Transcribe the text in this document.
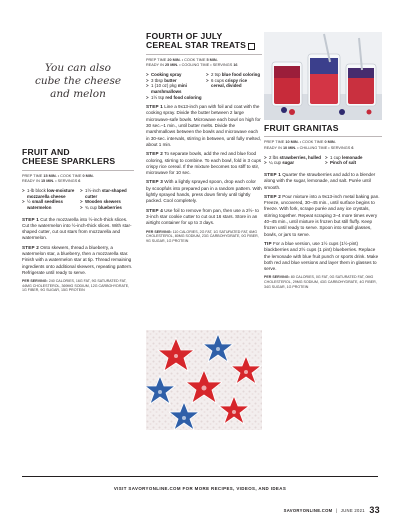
You can also
cube the cheese
and melon
FRUIT AND
CHEESE SPARKLERS

PREP TIME 15 MIN. • COOK TIME 0 MIN.
READY IN 15 MIN. • SERVINGS 6

> 1-lb block low-moisture mozzarella cheese
> ½ small seedless watermelon
> 1½-inch star-shaped cutter
> Wooden skewers
> ¾ cup blueberries

STEP 1 Cut the mozzarella into ½-inch-thick slices. Cut the watermelon into ½-inch-thick slices. With star-shaped cutter, cut out stars from mozzarella and watermelon.

STEP 2 Onto skewers, thread a blueberry, a watermelon star, a blueberry, then a mozzarella star. Finish with a watermelon star at tip. Thread remaining ingredients onto additional skewers, repeating pattern. Refrigerate until ready to serve.

PER SERVING: 240 CALORIES, 16G FAT, 9G SATURATED FAT, 44MG CHOLESTEROL, 369MG SODIUM, 12G CARBOHYDRATE, 1G FIBER, 9G SUGAR, 15G PROTEIN

FOURTH OF JULY
CEREAL STAR TREATS

PREP TIME 20 MIN. • COOK TIME 5 MIN.
READY IN 25 MIN. • COOLING TIME • SERVINGS 16

> Cooking spray
> 3 tbsp butter
> 1 (10 oz) pkg mini marshmallows
> 1½ tsp red food coloring
> 2 tsp blue food coloring
> 6 cups crispy rice cereal, divided

STEP 1 Line a 9x13-inch pan with foil and coat with the cooking spray. Divide the butter between 2 large microwave-safe bowls. Microwave each bowl on high for 30 sec.–1 min., until butter melts. Divide the marshmallows between the bowls and microwave each in 30-sec. intervals, stirring in between, until fully melted, about 1 min.

STEP 2 To separate bowls, add the red and blue food coloring, stirring to combine. To each bowl, fold in 3 cups crispy rice cereal. If the mixture becomes too stiff to stir, microwave for 10 sec.

STEP 3 With a lightly sprayed spoon, drop each color by scoopfuls into prepared pan in a random pattern. With lightly sprayed hands, press down firmly until tightly packed. Cool completely.

STEP 4 Use foil to remove from pan, then use a 2½- to 3-inch star cookie cutter to cut out 16 stars. Store in an airtight container for up to 3 days.

PER SERVING: 110 CALORIES, 2G FAT, 1G SATURATED FAT, 6MG CHOLESTEROL, 80MG SODIUM, 23G CARBOHYDRATE, 0G FIBER, 9G SUGAR, 1G PROTEIN

FRUIT GRANITAS

PREP TIME 10 MIN. • COOK TIME 0 MIN.
READY IN 10 MIN. • CHILLING TIME • SERVINGS 6

> 2 lbs strawberries, hulled
> ¼ cup sugar
> 1 cup lemonade
> Pinch of salt

STEP 1 Quarter the strawberries and add to a blender along with the sugar, lemonade, and salt. Purée until smooth.

STEP 2 Pour mixture into a 9x13-inch metal baking pan. Freeze, uncovered, 30–45 min., until surface begins to freeze. With fork, scrape purée and any ice crystals, stirring together. Repeat scraping 3–4 more times every 40–45 min., until mixture is frozen but still fluffy. Keep frozen until ready to serve. Spoon into small glasses, bowls, or jars to serve.

TIP For a blue version, use 1½ cups (1½-pint) blackberries and 2½ cups (1 pint) blueberries. Replace the lemonade with blue fruit punch or sports drink. Make both red and blue versions and layer them in glasses to serve.

PER SERVING: 80 CALORIES, 0G FAT, 0G SATURATED FAT, 0MG CHOLESTEROL, 29MG SODIUM, 43G CARBOHYDRATE, 4G FIBER, 34G SUGAR, 1G PROTEIN

VISIT SAVORYONLINE.COM FOR MORE RECIPES, VIDEOS, AND IDEAS
SAVORYONLINE.COM | JUNE 2021 33
